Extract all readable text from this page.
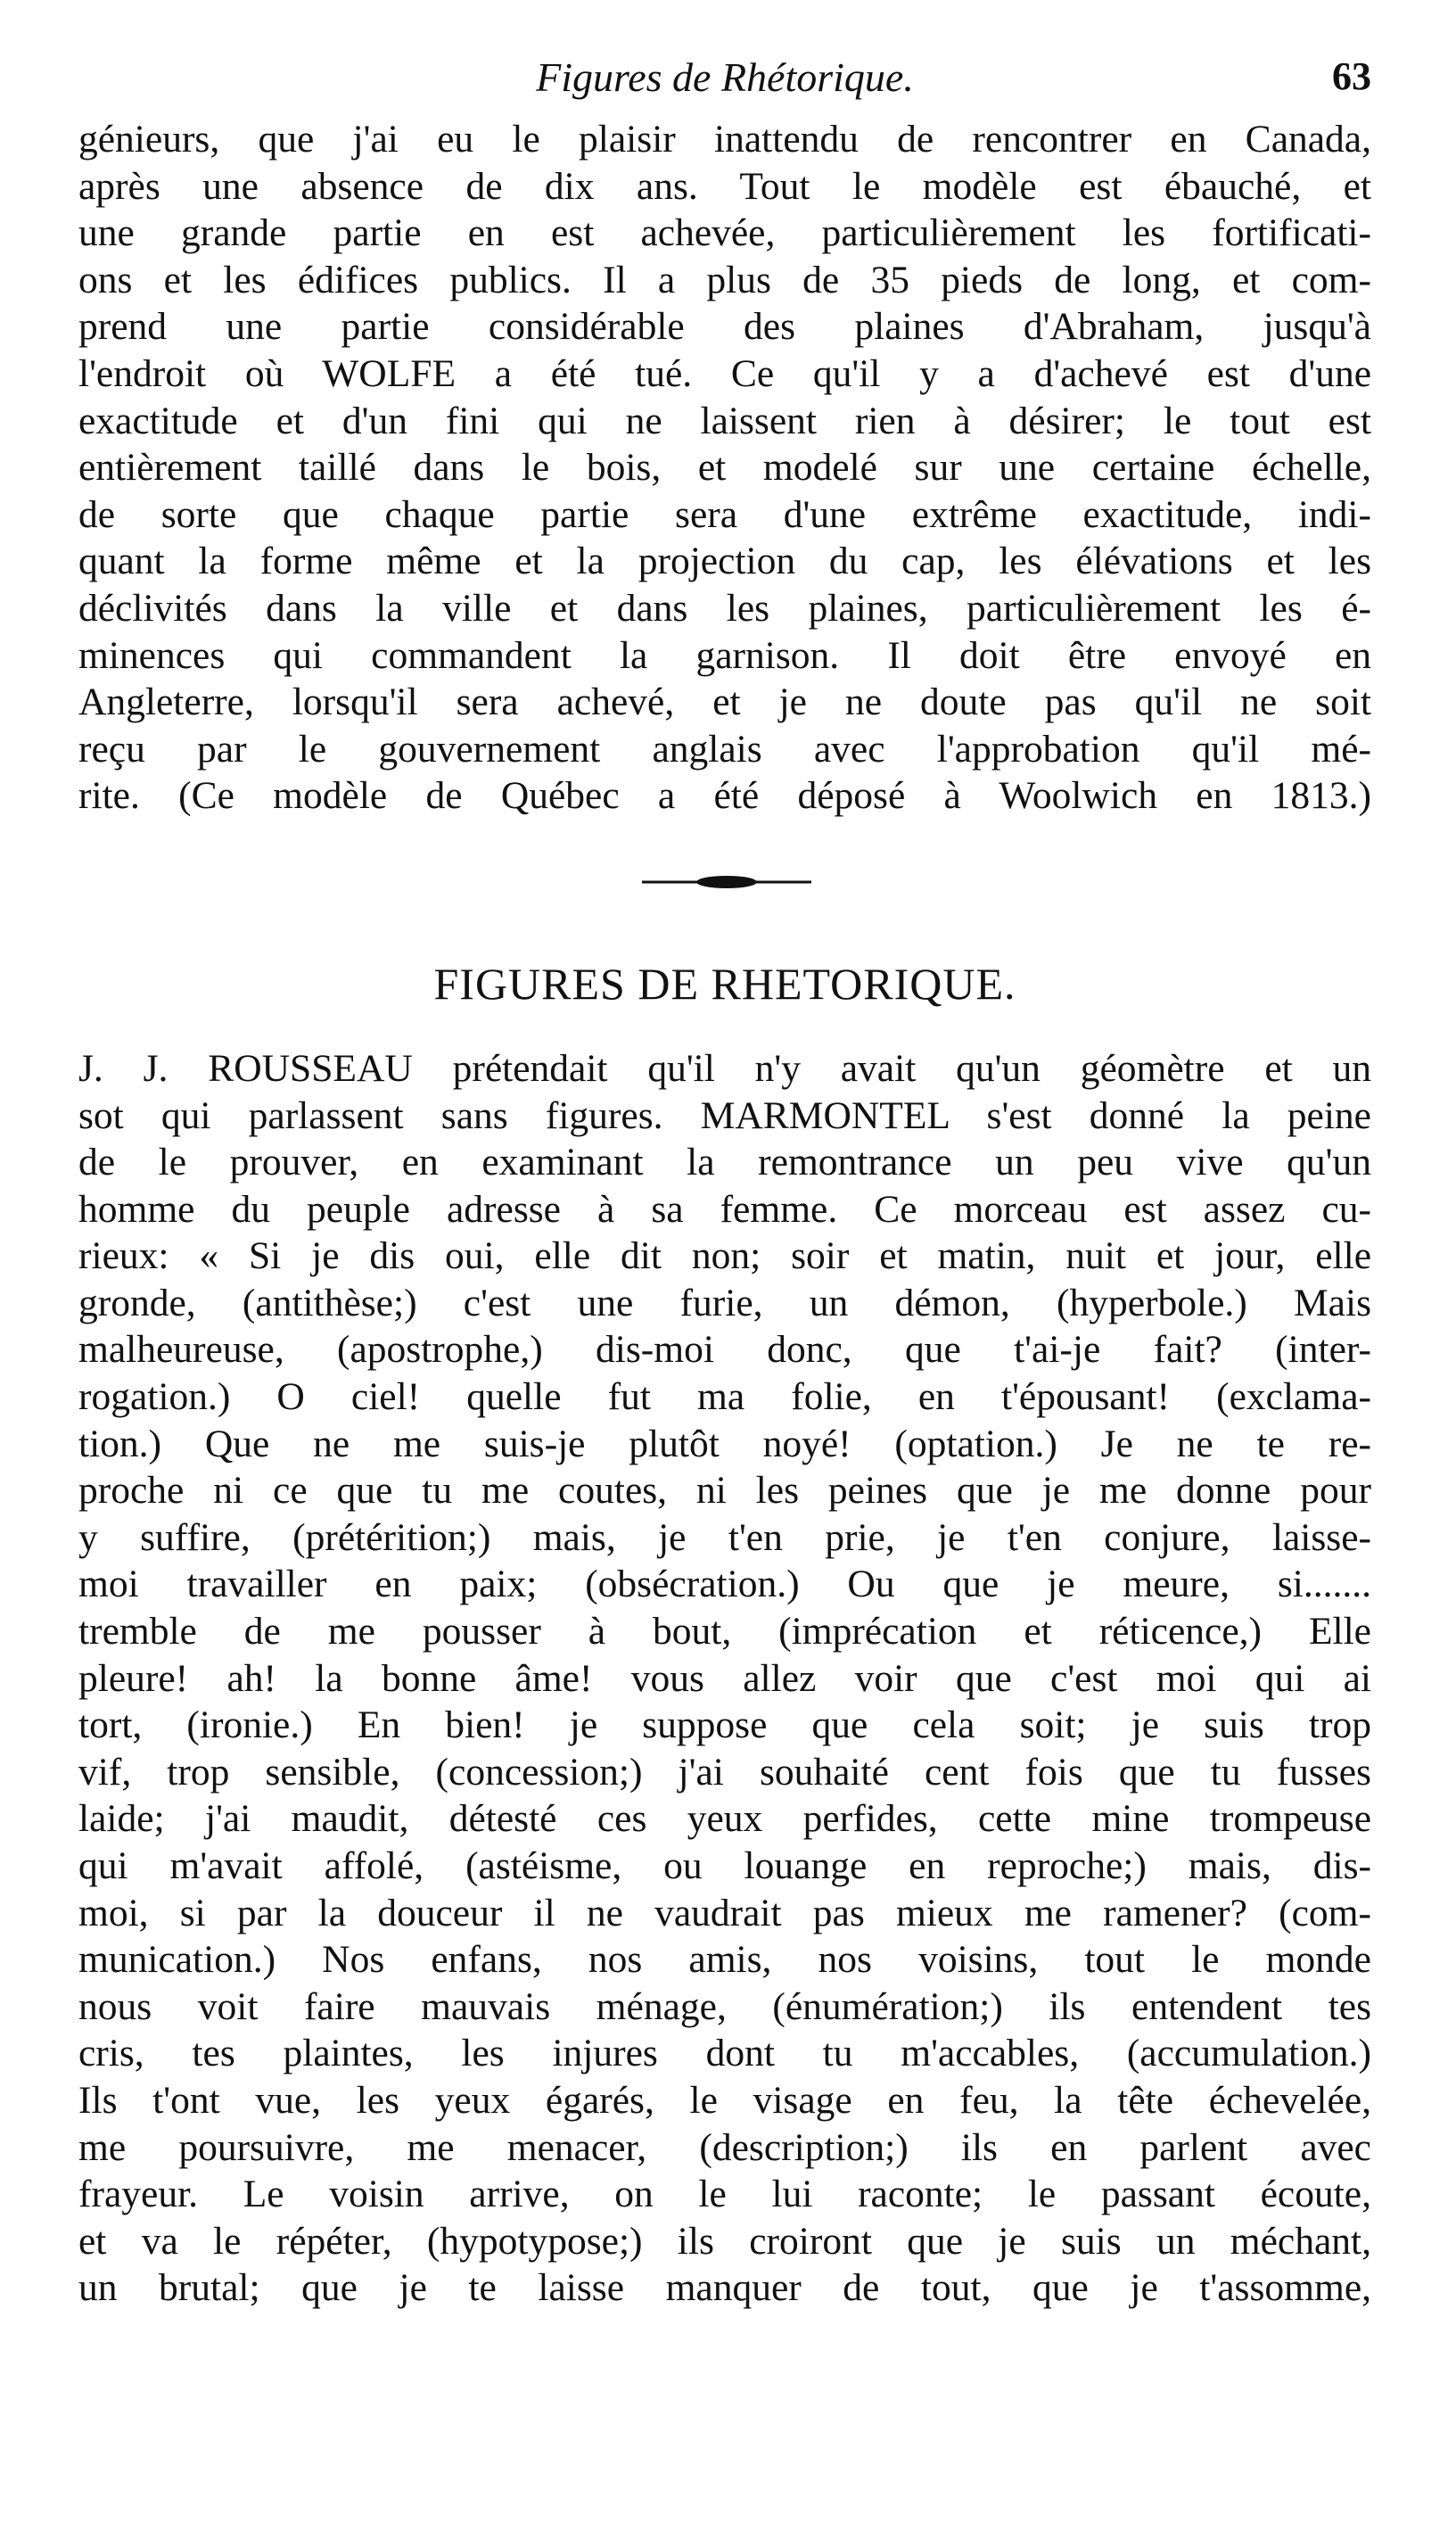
Figures de Rhétorique.	63
génieurs, que j'ai eu le plaisir inattendu de rencontrer en Canada,
après une absence de dix ans. Tout le modèle est ébauché, et
une grande partie en est achevée, particulièrement les fortificati-
ons et les édifices publics. Il a plus de 35 pieds de long, et com-
prend une partie considérable des plaines d'Abraham, jusqu'à
l'endroit où WOLFE a été tué. Ce qu'il y a d'achevé est d'une
exactitude et d'un fini qui ne laissent rien à désirer; le tout est
entièrement taillé dans le bois, et modelé sur une certaine échelle,
de sorte que chaque partie sera d'une extrême exactitude, indi-
quant la forme même et la projection du cap, les élévations et les
déclivités dans la ville et dans les plaines, particulièrement les é-
minences qui commandent la garnison. Il doit être envoyé en
Angleterre, lorsqu'il sera achevé, et je ne doute pas qu'il ne soit
reçu par le gouvernement anglais avec l'approbation qu'il mé-
rite. (Ce modèle de Québec a été déposé à Woolwich en 1813.)
FIGURES DE RHETORIQUE.
J. J. ROUSSEAU prétendait qu'il n'y avait qu'un géomètre et un
sot qui parlassent sans figures. MARMONTEL s'est donné la peine
de le prouver, en examinant la remontrance un peu vive qu'un
homme du peuple adresse à sa femme. Ce morceau est assez cu-
rieux: « Si je dis oui, elle dit non; soir et matin, nuit et jour, elle
gronde, (antithèse;) c'est une furie, un démon, (hyperbole.) Mais
malheureuse, (apostrophe,) dis-moi donc, que t'ai-je fait? (inter-
rogation.) O ciel! quelle fut ma folie, en t'épousant! (exclama-
tion.) Que ne me suis-je plutôt noyé! (optation.) Je ne te re-
proche ni ce que tu me coutes, ni les peines que je me donne pour
y suffire, (prétérition;) mais, je t'en prie, je t'en conjure, laisse-
moi travailler en paix; (obsécration.) Ou que je meure, si.......
tremble de me pousser à bout, (imprécation et réticence,) Elle
pleure! ah! la bonne âme! vous allez voir que c'est moi qui ai
tort, (ironie.) En bien! je suppose que cela soit; je suis trop
vif, trop sensible, (concession;) j'ai souhaité cent fois que tu fusses
laide; j'ai maudit, détesté ces yeux perfides, cette mine trompeuse
qui m'avait affolé, (astéisme, ou louange en reproche;) mais, dis-
moi, si par la douceur il ne vaudrait pas mieux me ramener? (com-
munication.) Nos enfans, nos amis, nos voisins, tout le monde
nous voit faire mauvais ménage, (énumération;) ils entendent tes
cris, tes plaintes, les injures dont tu m'accables, (accumulation.)
Ils t'ont vue, les yeux égarés, le visage en feu, la tête échevelée,
me poursuivre, me menacer, (description;) ils en parlent avec
frayeur. Le voisin arrive, on le lui raconte; le passant écoute,
et va le répéter, (hypotypose;) ils croiront que je suis un méchant,
un brutal; que je te laisse manquer de tout, que je t'assomme,
